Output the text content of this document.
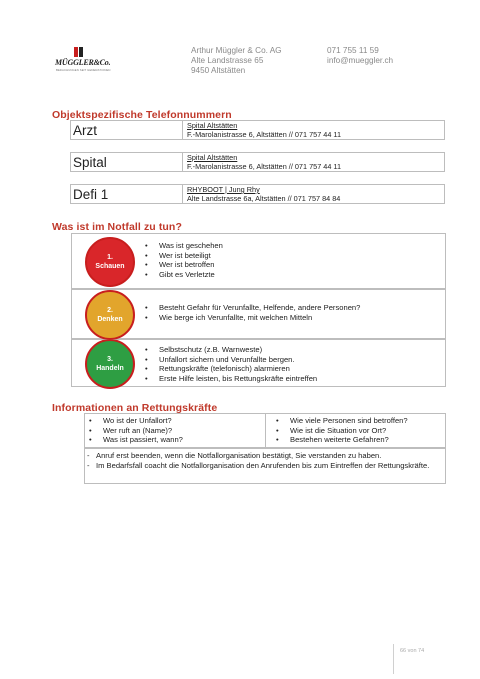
MÜGGLER&Co.
BEDACHUNGEN SEIT GENERATIONEN
Arthur Müggler & Co. AG
Alte Landstrasse 65
9450 Altstätten
071 755 11 59
info@mueggler.ch
Objektspezifische Telefonnummern
Arzt	Spital Altstätten
F.-Marolanistrasse 6, Altstätten // 071 757 44 11
Spital	Spital Altstätten
F.-Marolanistrasse 6, Altstätten // 071 757 44 11
Defi 1	RHYBOOT | Jung Rhy
Alte Landstrasse 6a, Altstätten // 071 757 84 84
Was ist im Notfall zu tun?
1.
Schauen
• Was ist geschehen
• Wer ist beteiligt
• Wer ist betroffen
• Gibt es Verletzte
2.
Denken
• Besteht Gefahr für Verunfallte, Helfende, andere Personen?
• Wie berge ich Verunfallte, mit welchen Mitteln
3.
Handeln
• Selbstschutz (z.B. Warnweste)
• Unfallort sichern und Verunfallte bergen.
• Rettungskräfte (telefonisch) alarmieren
• Erste Hilfe leisten, bis Rettungskräfte eintreffen
Informationen an Rettungskräfte
• Wo ist der Unfallort?
• Wer ruft an (Name)?
• Was ist passiert, wann?
• Wie viele Personen sind betroffen?
• Wie ist die Situation vor Ort?
• Bestehen weiterte Gefahren?
- Anruf erst beenden, wenn die Notfallorganisation bestätigt, Sie verstanden zu haben.
- Im Bedarfsfall coacht die Notfallorganisation den Anrufenden bis zum Eintreffen der Rettungskräfte.
66 von 74
